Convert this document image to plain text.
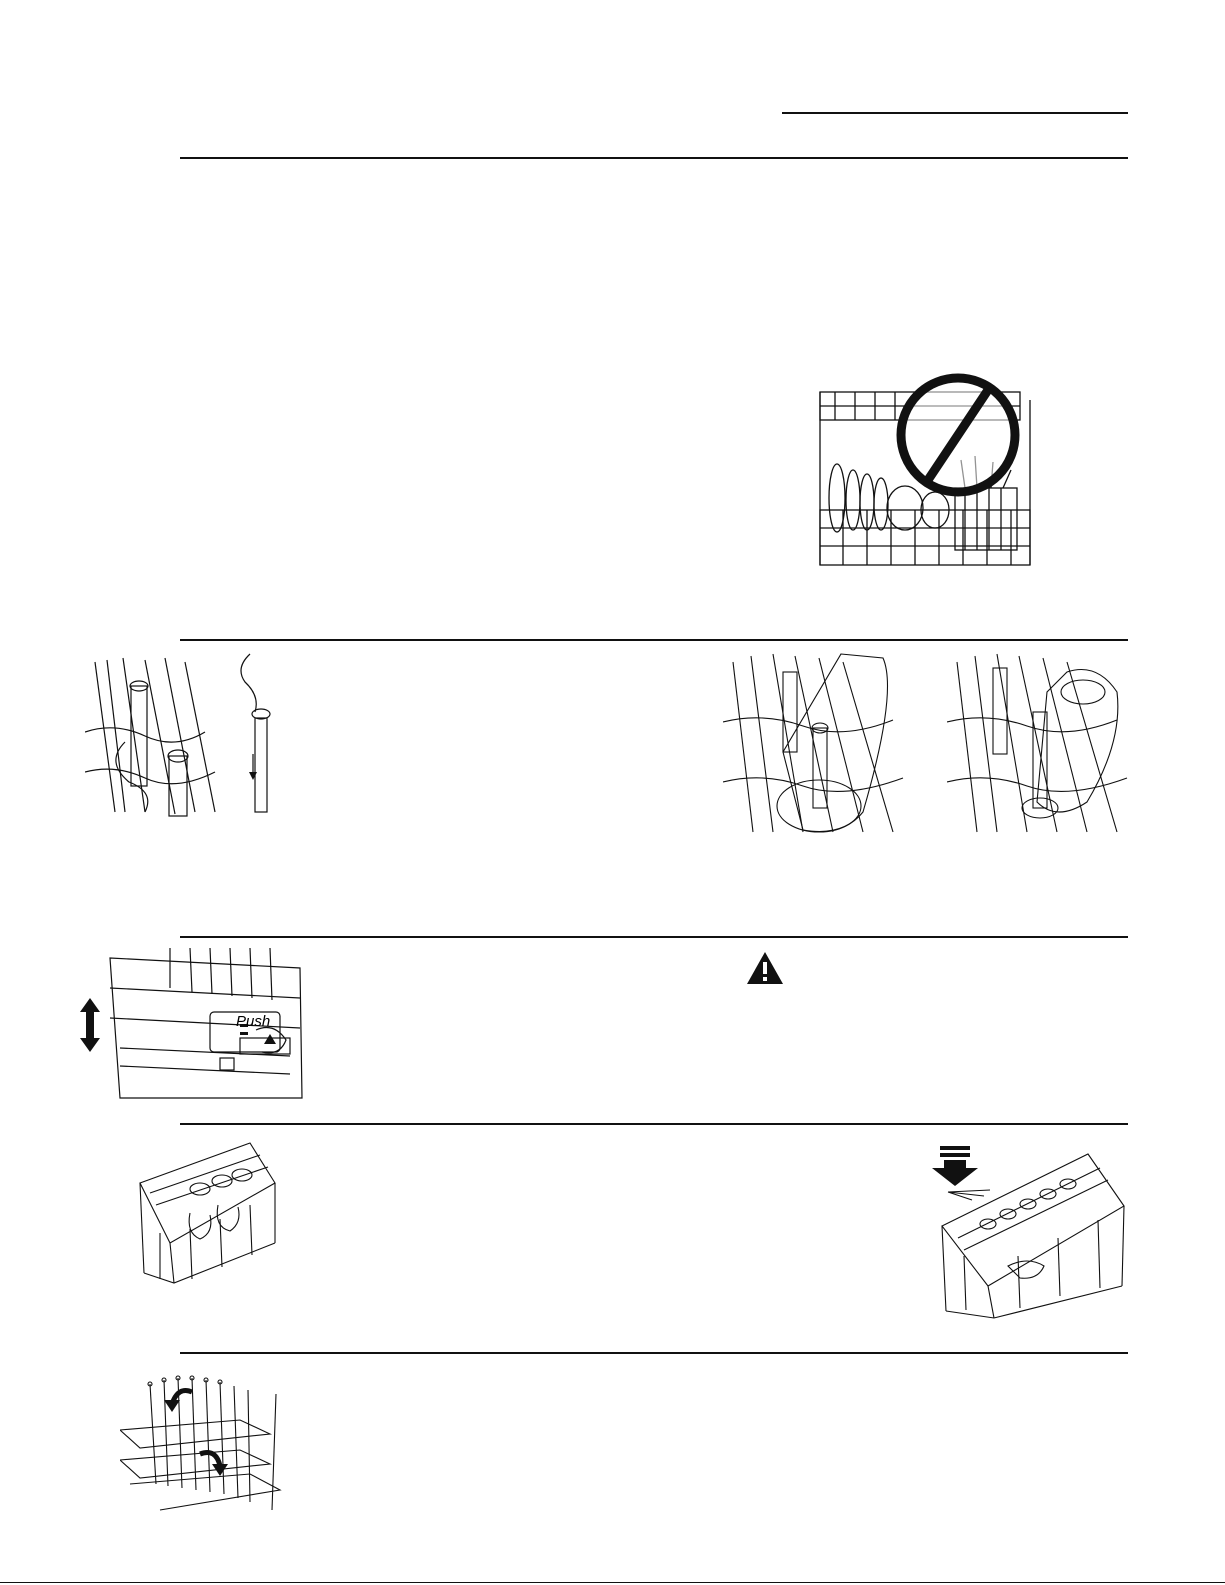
Push
